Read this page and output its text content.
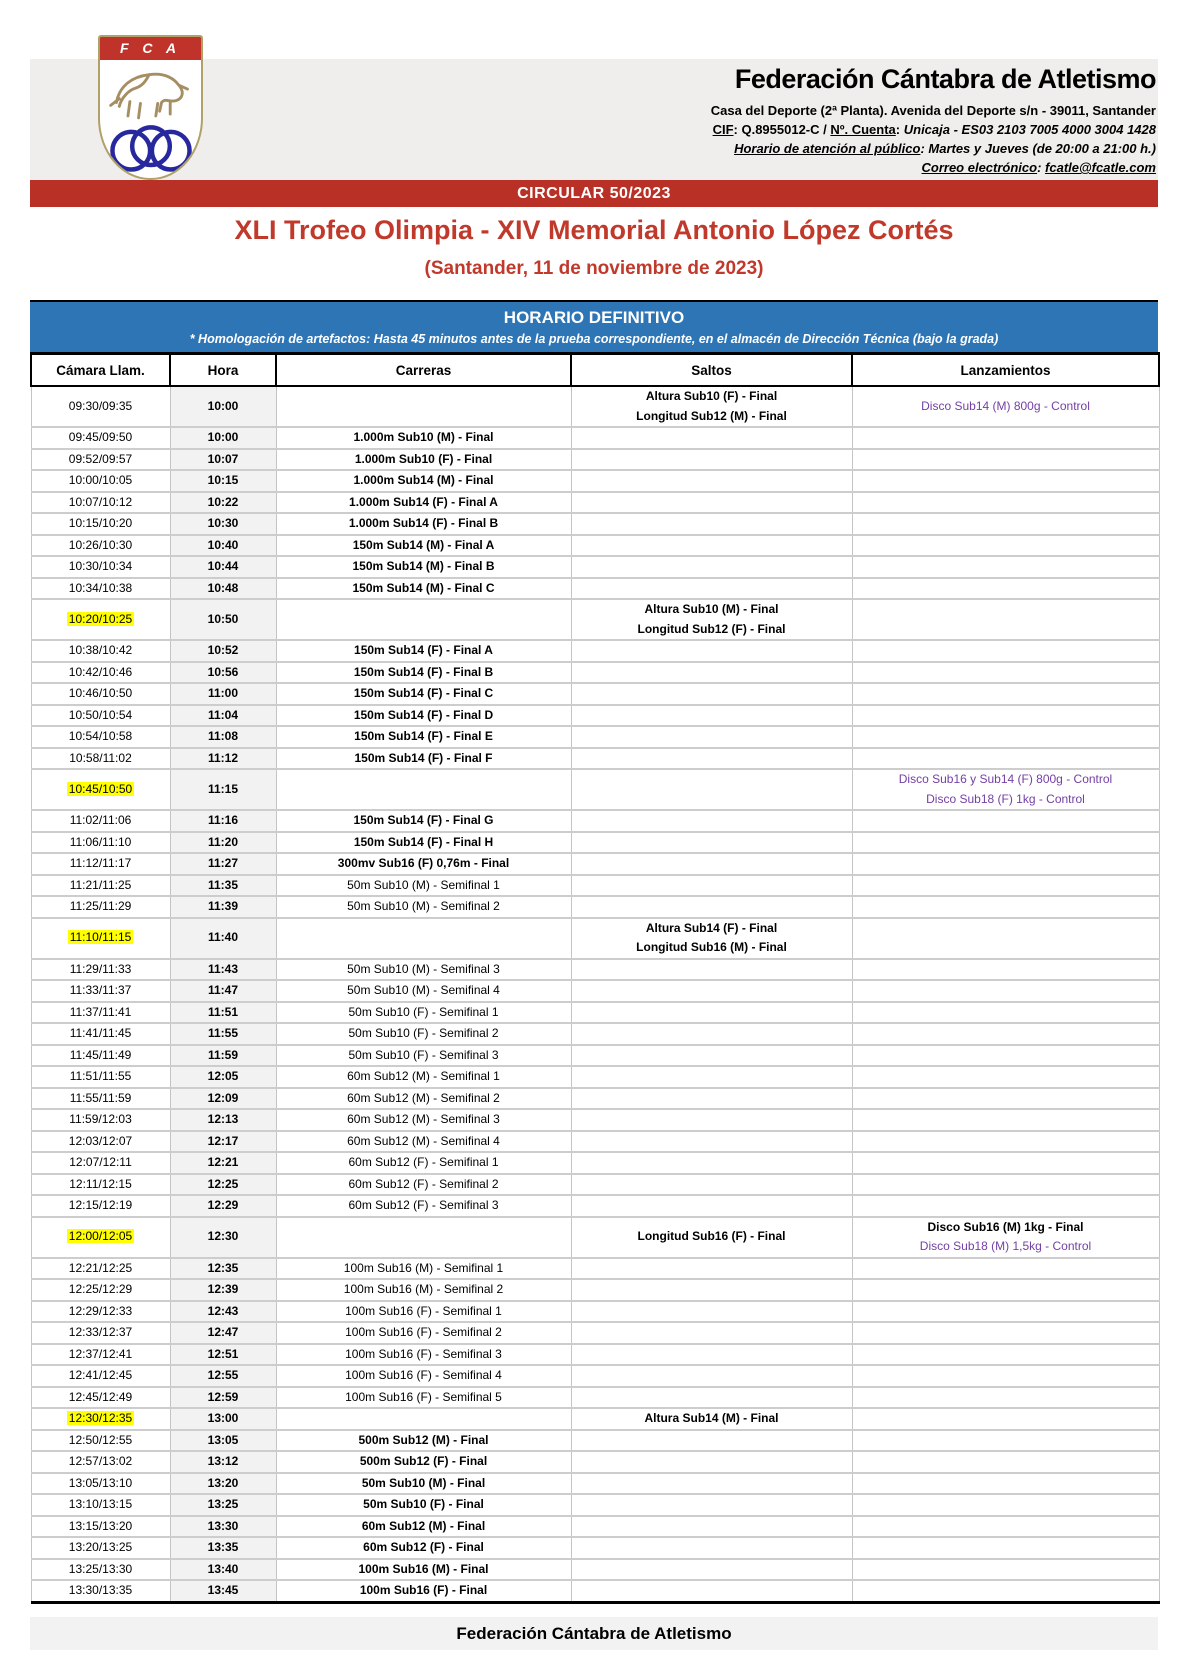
F C A
Federación Cántabra de Atletismo
Casa del Deporte (2ª Planta). Avenida del Deporte s/n - 39011, Santander
CIF: Q.8955012-C / Nº. Cuenta: Unicaja - ES03 2103 7005 4000 3004 1428
Horario de atención al público: Martes y Jueves (de 20:00 a 21:00 h.)
Correo electrónico: fcatle@fcatle.com
CIRCULAR 50/2023
XLI Trofeo Olimpia - XIV Memorial Antonio López Cortés
(Santander, 11 de noviembre de 2023)
HORARIO DEFINITIVO
* Homologación de artefactos: Hasta 45 minutos antes de la prueba correspondiente, en el almacén de Dirección Técnica (bajo la grada)
Cámara Llam.	Hora	Carreras	Saltos	Lanzamientos
09:30/09:35	10:00		Altura Sub10 (F) - Final
Longitud Sub12 (M) - Final	Disco Sub14 (M) 800g - Control

09:45/09:50	10:00	1.000m Sub10 (M) - Final		

09:52/09:57	10:07	1.000m Sub10 (F) - Final		

10:00/10:05	10:15	1.000m Sub14 (M) - Final		

10:07/10:12	10:22	1.000m Sub14 (F) - Final A		

10:15/10:20	10:30	1.000m Sub14 (F) - Final B		

10:26/10:30	10:40	150m Sub14 (M) - Final A		

10:30/10:34	10:44	150m Sub14 (M) - Final B		

10:34/10:38	10:48	150m Sub14 (M) - Final C		

10:20/10:25	10:50		Altura Sub10 (M) - Final
Longitud Sub12 (F) - Final	

10:38/10:42	10:52	150m Sub14 (F) - Final A		

10:42/10:46	10:56	150m Sub14 (F) - Final B		

10:46/10:50	11:00	150m Sub14 (F) - Final C		

10:50/10:54	11:04	150m Sub14 (F) - Final D		

10:54/10:58	11:08	150m Sub14 (F) - Final E		

10:58/11:02	11:12	150m Sub14 (F) - Final F		

10:45/10:50	11:15			Disco Sub16 y Sub14 (F) 800g - Control
Disco Sub18 (F) 1kg - Control

11:02/11:06	11:16	150m Sub14 (F) - Final G		

11:06/11:10	11:20	150m Sub14 (F) - Final H		

11:12/11:17	11:27	300mv Sub16 (F) 0,76m - Final		

11:21/11:25	11:35	50m Sub10 (M) - Semifinal 1		

11:25/11:29	11:39	50m Sub10 (M) - Semifinal 2		

11:10/11:15	11:40		Altura Sub14 (F) - Final
Longitud Sub16 (M) - Final	

11:29/11:33	11:43	50m Sub10 (M) - Semifinal 3		

11:33/11:37	11:47	50m Sub10 (M) - Semifinal 4		

11:37/11:41	11:51	50m Sub10 (F) - Semifinal 1		

11:41/11:45	11:55	50m Sub10 (F) - Semifinal 2		

11:45/11:49	11:59	50m Sub10 (F) - Semifinal 3		

11:51/11:55	12:05	60m Sub12 (M) - Semifinal 1		

11:55/11:59	12:09	60m Sub12 (M) - Semifinal 2		

11:59/12:03	12:13	60m Sub12 (M) - Semifinal 3		

12:03/12:07	12:17	60m Sub12 (M) - Semifinal 4		

12:07/12:11	12:21	60m Sub12 (F) - Semifinal 1		

12:11/12:15	12:25	60m Sub12 (F) - Semifinal 2		

12:15/12:19	12:29	60m Sub12 (F) - Semifinal 3		

12:00/12:05	12:30		Longitud Sub16 (F) - Final	Disco Sub16 (M) 1kg - Final
Disco Sub18 (M) 1,5kg - Control

12:21/12:25	12:35	100m Sub16 (M) - Semifinal 1		

12:25/12:29	12:39	100m Sub16 (M) - Semifinal 2		

12:29/12:33	12:43	100m Sub16 (F) - Semifinal 1		

12:33/12:37	12:47	100m Sub16 (F) - Semifinal 2		

12:37/12:41	12:51	100m Sub16 (F) - Semifinal 3		

12:41/12:45	12:55	100m Sub16 (F) - Semifinal 4		

12:45/12:49	12:59	100m Sub16 (F) - Semifinal 5		

12:30/12:35	13:00		Altura Sub14 (M) - Final	

12:50/12:55	13:05	500m Sub12 (M) - Final		

12:57/13:02	13:12	500m Sub12 (F) - Final		

13:05/13:10	13:20	50m Sub10 (M) - Final		

13:10/13:15	13:25	50m Sub10 (F) - Final		

13:15/13:20	13:30	60m Sub12 (M) - Final		

13:20/13:25	13:35	60m Sub12 (F) - Final		

13:25/13:30	13:40	100m Sub16 (M) - Final		

13:30/13:35	13:45	100m Sub16 (F) - Final		

Federación Cántabra de Atletismo
